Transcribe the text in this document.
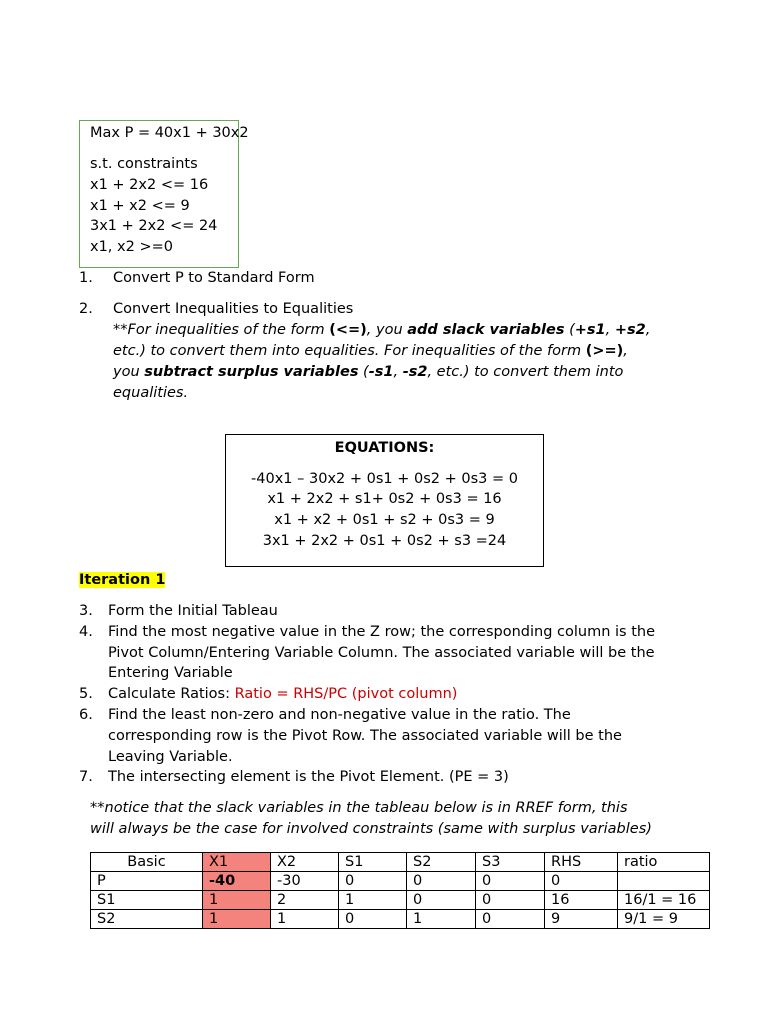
Max P = 40x1 + 30x2
s.t. constraints
x1 + 2x2 <= 16
x1 + x2 <= 9
3x1 + 2x2 <= 24
x1, x2 >=0
1. Convert P to Standard Form
2. Convert Inequalities to Equalities
**For inequalities of the form (<=), you add slack variables (+s1, +s2,
etc.) to convert them into equalities. For inequalities of the form (>=),
you subtract surplus variables (-s1, -s2, etc.) to convert them into
equalities.
EQUATIONS:
-40x1 – 30x2 + 0s1 + 0s2 + 0s3 = 0
x1 + 2x2 + s1+ 0s2 + 0s3 = 16
x1 + x2 + 0s1 + s2 + 0s3 = 9
3x1 + 2x2 + 0s1 + 0s2 + s3 =24
Iteration 1
3. Form the Initial Tableau
4. Find the most negative value in the Z row; the corresponding column is the
Pivot Column/Entering Variable Column. The associated variable will be the
Entering Variable
5. Calculate Ratios: Ratio = RHS/PC (pivot column)
6. Find the least non-zero and non-negative value in the ratio. The
corresponding row is the Pivot Row. The associated variable will be the
Leaving Variable.
7. The intersecting element is the Pivot Element. (PE = 3)
**notice that the slack variables in the tableau below is in RREF form, this
will always be the case for involved constraints (same with surplus variables)
Basic	X1	X2	S1	S2	S3	RHS	ratio
P	-40	-30	0	0	0	0	
S1	1	2	1	0	0	16	16/1 = 16
S2	1	1	0	1	0	9	9/1 = 9
